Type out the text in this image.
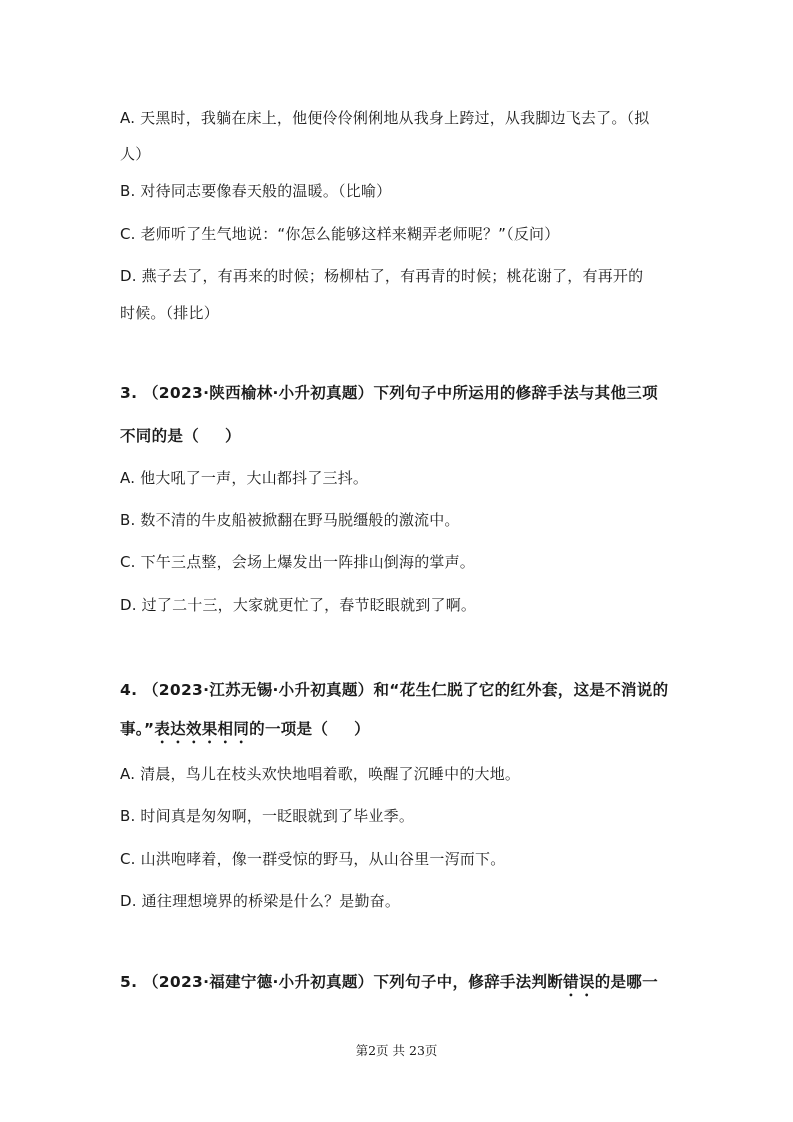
A. 天黑时，我躺在床上，他便伶伶俐俐地从我身上跨过，从我脚边飞去了。（拟
人）
B. 对待同志要像春天般的温暖。（比喻）
C. 老师听了生气地说：“你怎么能够这样来糊弄老师呢？”（反问）
D. 燕子去了，有再来的时候；杨柳枯了，有再青的时候；桃花谢了，有再开的
时候。（排比）
3. （2023·陕西榆林·小升初真题）下列句子中所运用的修辞手法与其他三项
不同的是（ ）
A. 他大吼了一声，大山都抖了三抖。
B. 数不清的牛皮船被掀翻在野马脱缰般的激流中。
C. 下午三点整，会场上爆发出一阵排山倒海的掌声。
D. 过了二十三，大家就更忙了，春节眨眼就到了啊。
4. （2023·江苏无锡·小升初真题）和“花生仁脱了它的红外套，这是不消说的
事。”表达效果相同的一项是（ ）
A. 清晨，鸟儿在枝头欢快地唱着歌，唤醒了沉睡中的大地。
B. 时间真是匆匆啊，一眨眼就到了毕业季。
C. 山洪咆哮着，像一群受惊的野马，从山谷里一泻而下。
D. 通往理想境界的桥梁是什么？是勤奋。
5. （2023·福建宁德·小升初真题）下列句子中，修辞手法判断错误的是哪一
第2页 共 23页
